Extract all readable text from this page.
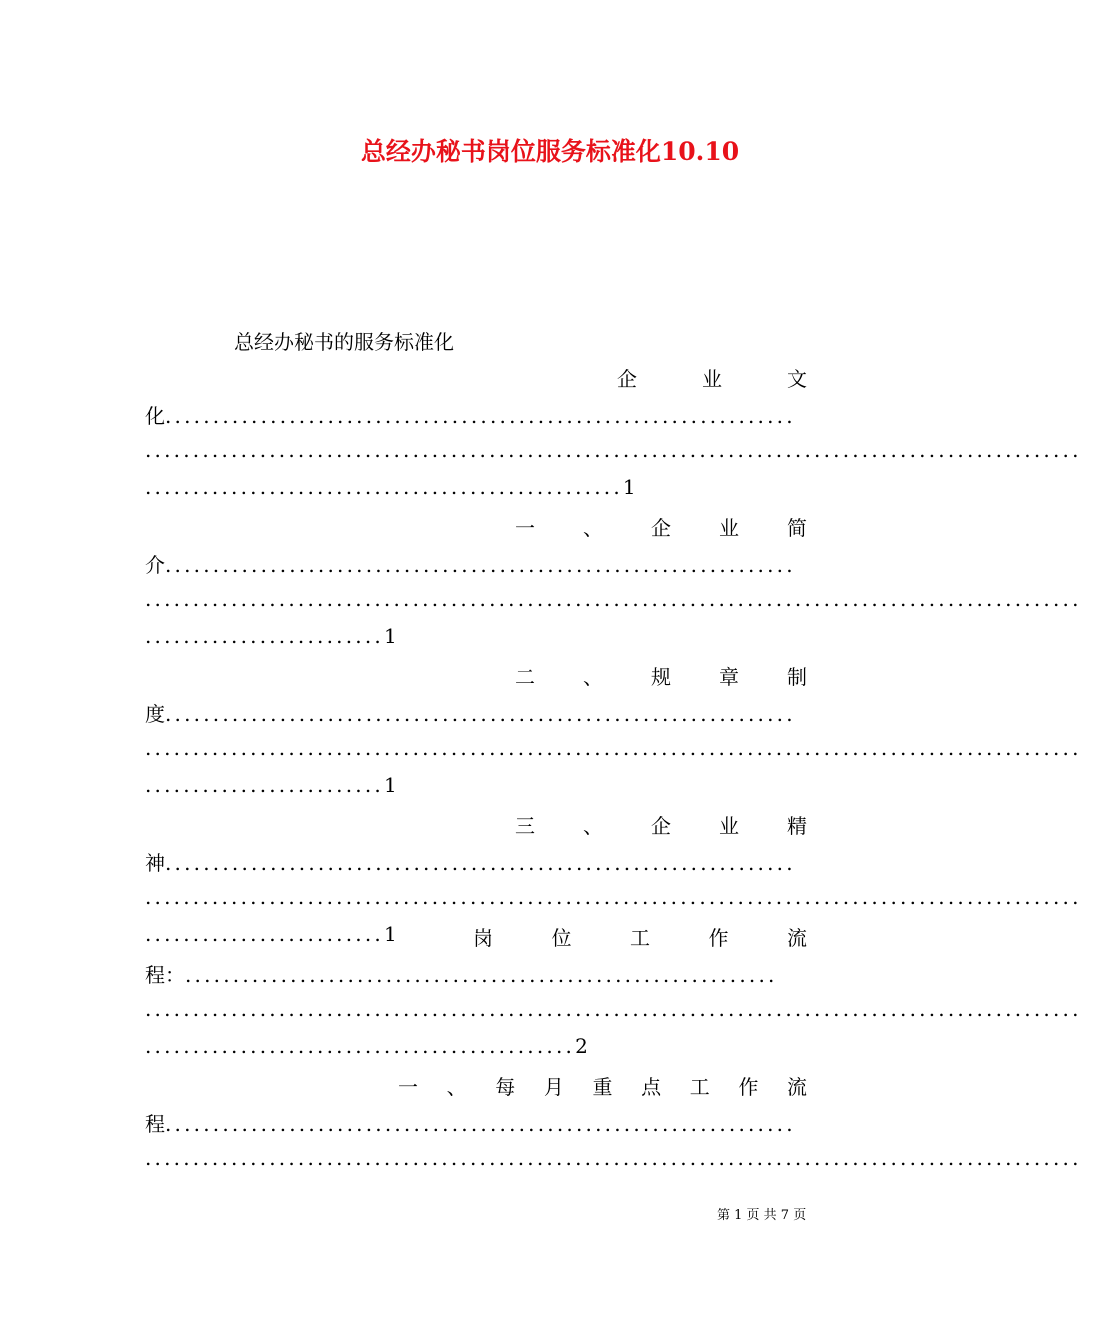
总经办秘书岗位服务标准化10.10
总经办秘书的服务标准化
企	业	文
化..................................................................
..................................................................................................
..................................................1
一 、 企 业 简
介..................................................................
..................................................................................................
.........................1
二 、 规 章 制
度..................................................................
..................................................................................................
.........................1
三 、 企 业 精
神..................................................................
..................................................................................................
.........................1	岗	位	工	作	流
程：..............................................................
..................................................................................................
.............................................2
一 、 每 月 重 点 工 作 流
程..................................................................
..................................................................................................
第 1 页 共 7 页
